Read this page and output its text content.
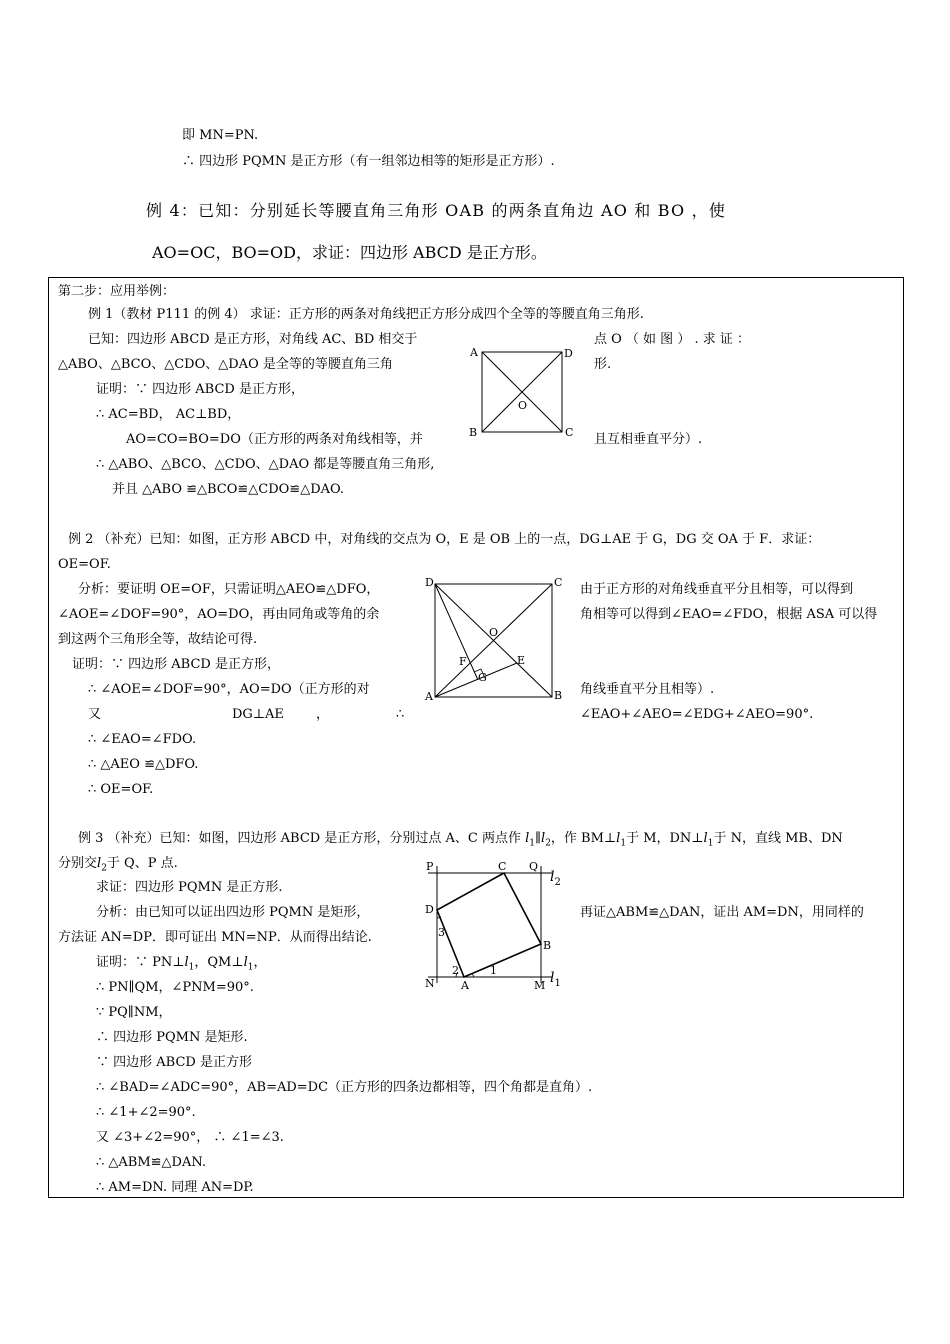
即 MN=PN.
∴ 四边形 PQMN 是正方形（有一组邻边相等的矩形是正方形）.
例 4：已知：分别延长等腰直角三角形 OAB 的两条直角边 AO 和 BO ，使
AO=OC，BO=OD，求证：四边形 ABCD 是正方形。
第二步：应用举例：
例 1（教材 P111 的例 4） 求证：正方形的两条对角线把正方形分成四个全等的等腰直角三角形.
已知：四边形 ABCD 是正方形，对角线 AC、BD 相交于	点 O （ 如 图 ） . 求 证 ：
△ABO、△BCO、△CDO、△DAO 是全等的等腰直角三角	形.
证明：∵ 四边形 ABCD 是正方形，
∴ AC=BD， AC⊥BD，
AO=CO=BO=DO（正方形的两条对角线相等，并	且互相垂直平分）.
∴ △ABO、△BCO、△CDO、△DAO 都是等腰直角三角形,
并且 △ABO ≌△BCO≌△CDO≌△DAO.
A	D
B	C
O
例 2 （补充）已知：如图，正方形 ABCD 中，对角线的交点为 O，E 是 OB 上的一点，DG⊥AE 于 G，DG 交 OA 于 F．求证：
OE=OF.
分析：要证明 OE=OF，只需证明△AEO≌△DFO，	由于正方形的对角线垂直平分且相等，可以得到
∠AOE=∠DOF=90°，AO=DO，再由同角或等角的余	角相等可以得到∠EAO=∠FDO，根据 ASA 可以得
到这两个三角形全等，故结论可得.
证明：∵ 四边形 ABCD 是正方形，
∴ ∠AOE=∠DOF=90°，AO=DO（正方形的对	角线垂直平分且相等）.
又	DG⊥AE ，	∴	∠EAO+∠AEO=∠EDG+∠AEO=90°.
∴ ∠EAO=∠FDO.
∴ △AEO ≌△DFO.
∴ OE=OF.
D	C
A	B
O
F	E
G
例 3 （补充）已知：如图，四边形 ABCD 是正方形，分别过点 A、C 两点作 $l_1\parallel l_2$，作 $BM\perp l_1$于 M，$DN\perp l_1$于 N，直线 MB、DN
分别交$l_2$于 Q、P 点.
求证：四边形 PQMN 是正方形.
分析：由已知可以证出四边形 PQMN 是矩形，	再证△ABM≌△DAN，证出 AM=DN，用同样的
方法证 AN=DP．即可证出 MN=NP．从而得出结论.
证明：∵ $PN\perp l_1$，$QM\perp l_1$，
∴ PN∥QM，∠PNM=90°.
∵ PQ∥NM，
∴ 四边形 PQMN 是矩形.
∵ 四边形 ABCD 是正方形
∴ ∠BAD=∠ADC=90°，AB=AD=DC（正方形的四条边都相等，四个角都是直角）.
∴ ∠1+∠2=90°.
又 ∠3+∠2=90°， ∴ ∠1=∠3.
∴ △ABM≌△DAN.
∴ AM=DN. 同理 AN=DP.
P	C Q
$l_2$
D
3
B
2	1	$l_1$
N A	M
